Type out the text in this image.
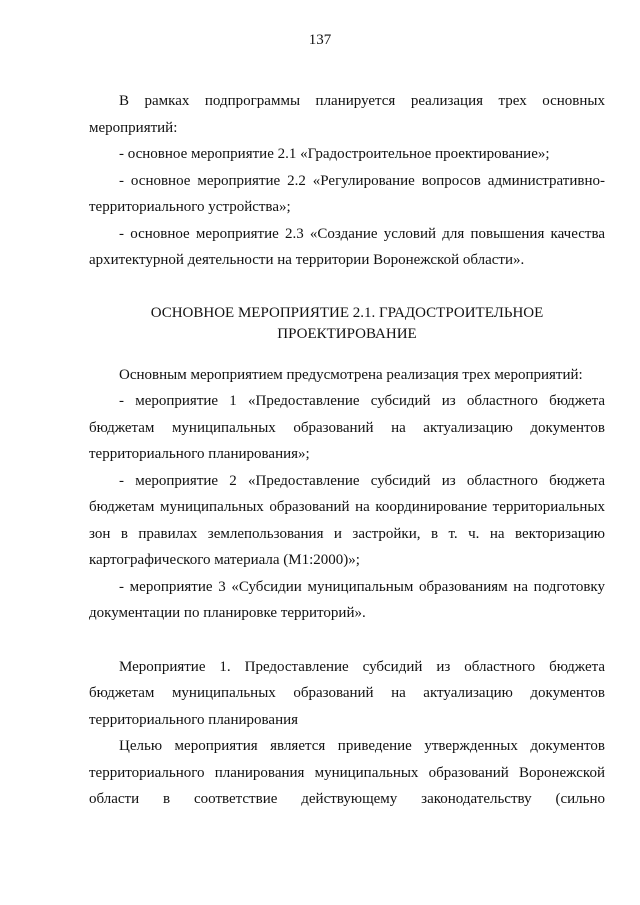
137

В рамках подпрограммы планируется реализация трех основных мероприятий:

- основное мероприятие 2.1 «Градостроительное проектирование»;

- основное мероприятие 2.2 «Регулирование вопросов административно-территориального устройства»;

- основное мероприятие 2.3 «Создание условий для повышения качества архитектурной деятельности на территории Воронежской области».

ОСНОВНОЕ МЕРОПРИЯТИЕ 2.1. ГРАДОСТРОИТЕЛЬНОЕ
ПРОЕКТИРОВАНИЕ

Основным мероприятием предусмотрена реализация трех мероприятий:

- мероприятие 1 «Предоставление субсидий из областного бюджета бюджетам муниципальных образований на актуализацию документов территориального планирования»;

- мероприятие 2 «Предоставление субсидий из областного бюджета бюджетам муниципальных образований на координирование территориальных зон в правилах землепользования и застройки, в т. ч. на векторизацию картографического материала (М1:2000)»;

- мероприятие 3 «Субсидии муниципальным образованиям на подготовку документации по планировке территорий».

Мероприятие 1. Предоставление субсидий из областного бюджета бюджетам муниципальных образований на актуализацию документов территориального планирования

Целью мероприятия является приведение утвержденных документов территориального планирования муниципальных образований Воронежской области в соответствие действующему законодательству (сильно
